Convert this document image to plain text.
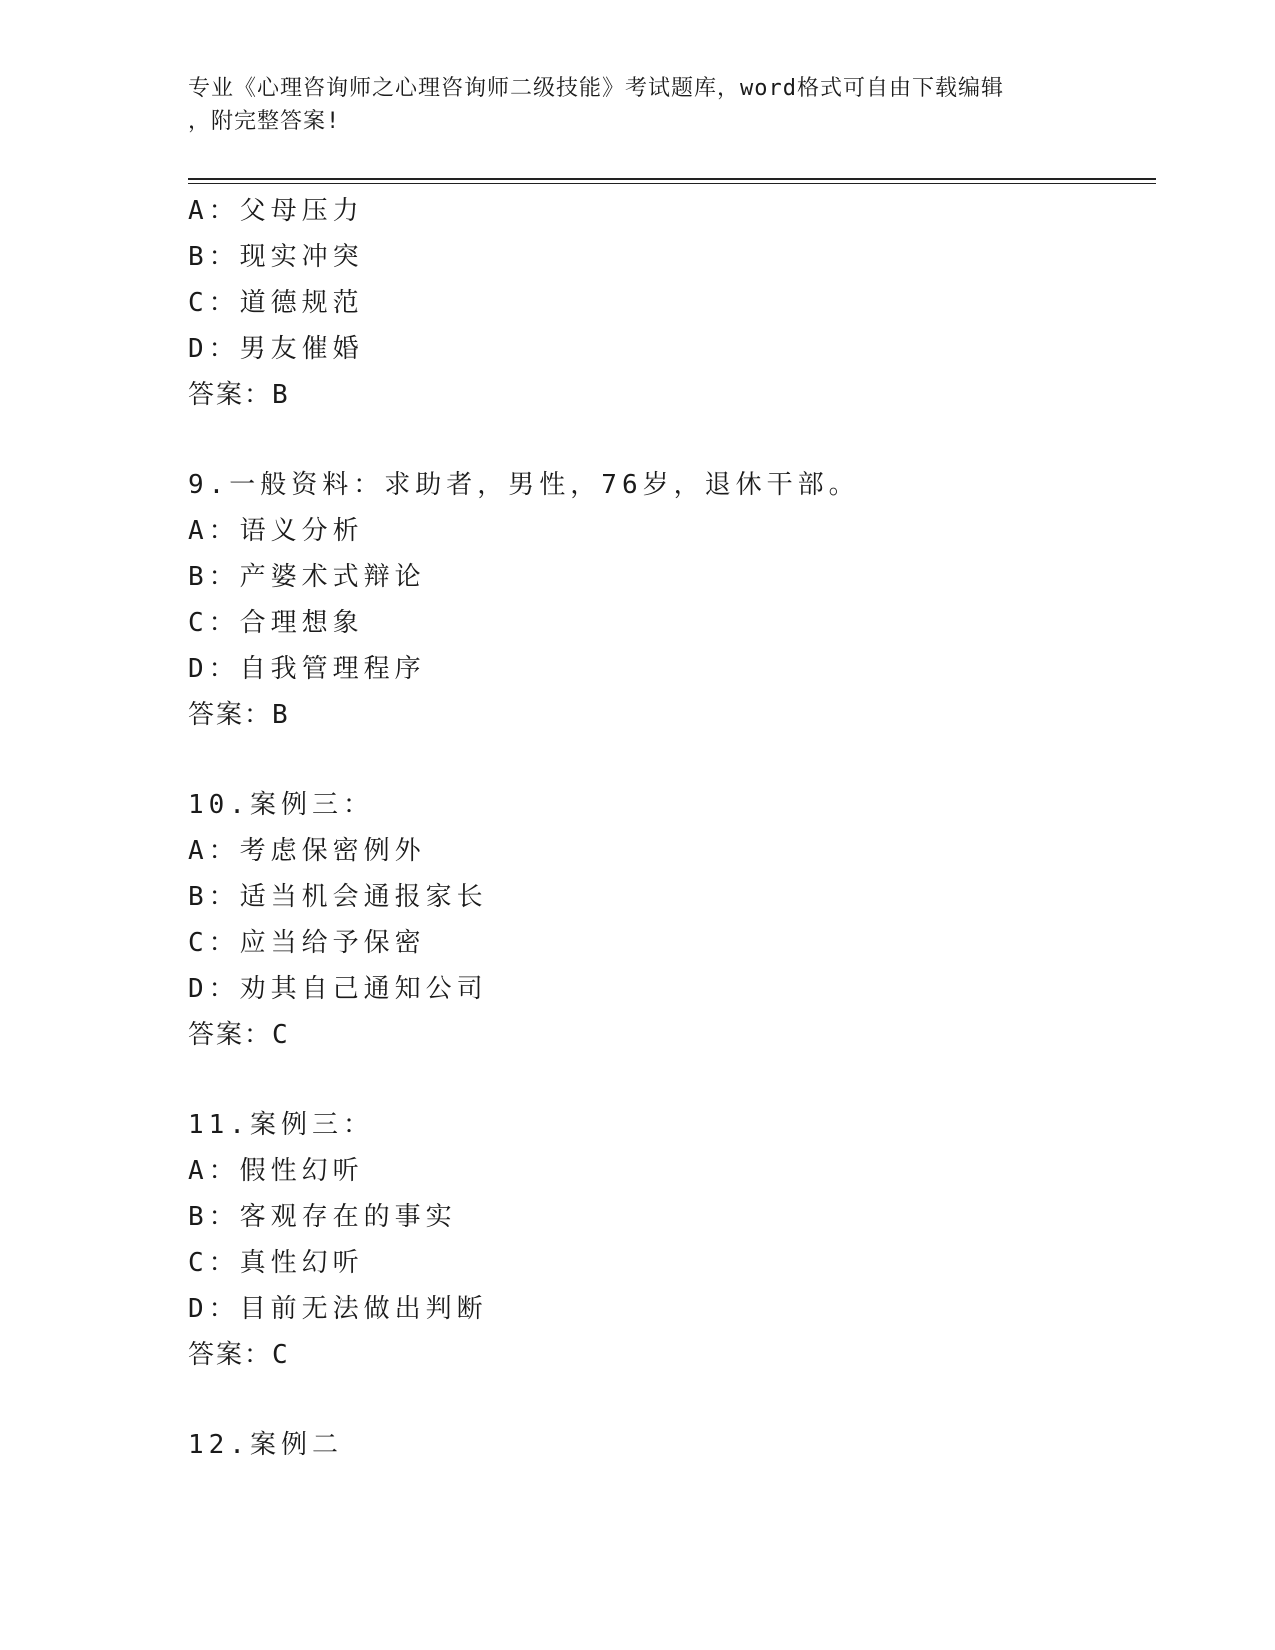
专业《心理咨询师之心理咨询师二级技能》考试题库，word格式可自由下载编辑
，附完整答案!
A：父母压力
B：现实冲突
C：道德规范
D：男友催婚
答案：B
9.一般资料：求助者，男性，76岁，退休干部。
A：语义分析
B：产婆术式辩论
C：合理想象
D：自我管理程序
答案：B
10.案例三：
A：考虑保密例外
B：适当机会通报家长
C：应当给予保密
D：劝其自己通知公司
答案：C
11.案例三：
A：假性幻听
B：客观存在的事实
C：真性幻听
D：目前无法做出判断
答案：C
12.案例二
